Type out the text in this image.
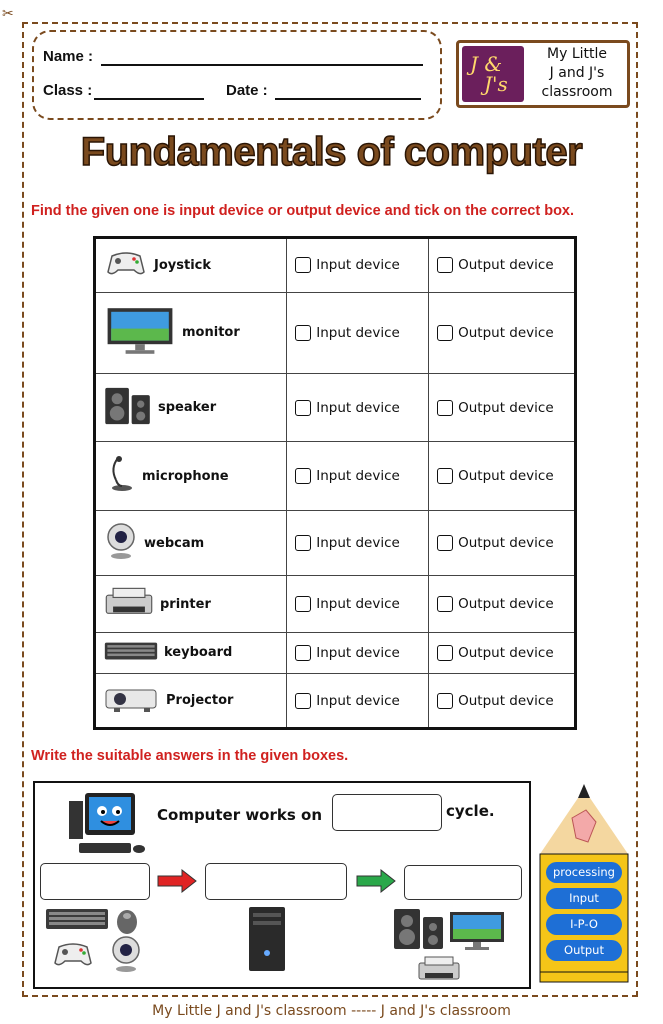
✂
Name :
Class :	Date :
J &
J's
My Little
J and J's
classroom
Fundamentals of computer
Find the given one is input device or output device and tick on the correct box.
Joystick	Input device	Output device

monitor	Input device	Output device

speaker	Input device	Output device

microphone	Input device	Output device

webcam	Input device	Output device

printer	Input device	Output device

keyboard	Input device	Output device

Projector	Input device	Output device
Write the suitable answers in the given boxes.
Computer works on	cycle.
processing
Input
I-P-O
Output
My Little J and J's classroom ----- J and J's classroom
